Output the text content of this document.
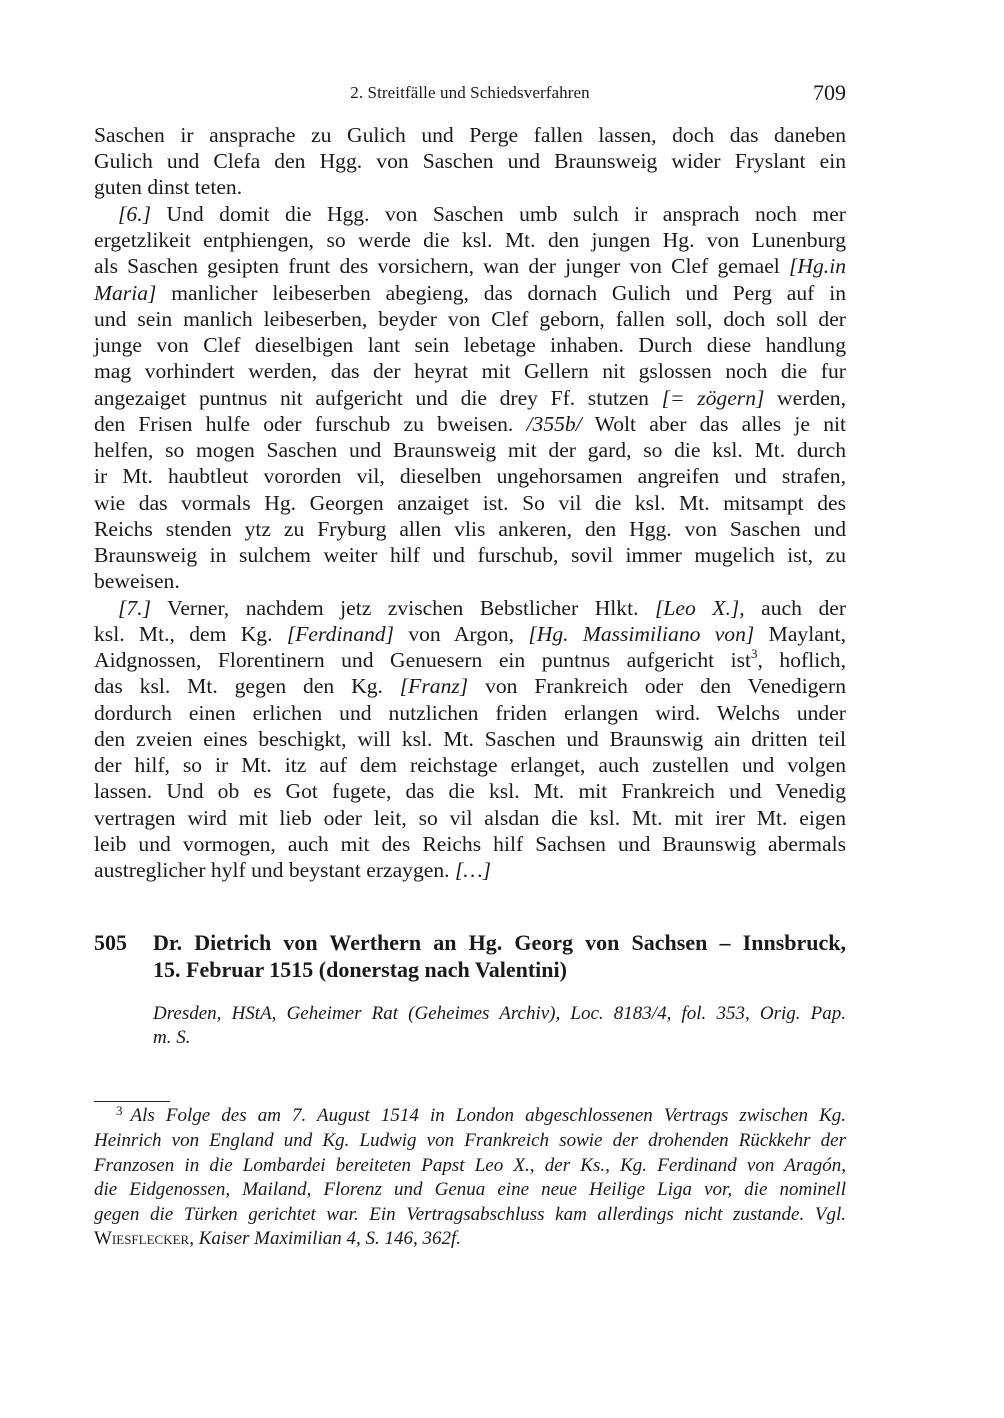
2. Streitfälle und Schiedsverfahren	709
Saschen ir ansprache zu Gulich und Perge fallen lassen, doch das daneben
Gulich und Clefa den Hgg. von Saschen und Braunsweig wider Fryslant ein
guten dinst teten.
[6.] Und domit die Hgg. von Saschen umb sulch ir ansprach noch mer
ergetzlikeit entphiengen, so werde die ksl. Mt. den jungen Hg. von Lunenburg
als Saschen gesipten frunt des vorsichern, wan der junger von Clef gemael [Hg.in
Maria] manlicher leibeserben abegieng, das dornach Gulich und Perg auf in
und sein manlich leibeserben, beyder von Clef geborn, fallen soll, doch soll der
junge von Clef dieselbigen lant sein lebetage inhaben. Durch diese handlung
mag vorhindert werden, das der heyrat mit Gellern nit gslossen noch die fur
angezaiget puntnus nit aufgericht und die drey Ff. stutzen [= zögern] werden,
den Frisen hulfe oder furschub zu bweisen. /355b/ Wolt aber das alles je nit
helfen, so mogen Saschen und Braunsweig mit der gard, so die ksl. Mt. durch
ir Mt. haubtleut vororden vil, dieselben ungehorsamen angreifen und strafen,
wie das vormals Hg. Georgen anzaiget ist. So vil die ksl. Mt. mitsampt des
Reichs stenden ytz zu Fryburg allen vlis ankeren, den Hgg. von Saschen und
Braunsweig in sulchem weiter hilf und furschub, sovil immer mugelich ist, zu
beweisen.
[7.] Verner, nachdem jetz zvischen Bebstlicher Hlkt. [Leo X.], auch der
ksl. Mt., dem Kg. [Ferdinand] von Argon, [Hg. Massimiliano von] Maylant,
Aidgnossen, Florentinern und Genuesern ein puntnus aufgericht ist$^3$, hoflich,
das ksl. Mt. gegen den Kg. [Franz] von Frankreich oder den Venedigern
dordurch einen erlichen und nutzlichen friden erlangen wird. Welchs under
den zveien eines beschigkt, will ksl. Mt. Saschen und Braunswig ain dritten teil
der hilf, so ir Mt. itz auf dem reichstage erlanget, auch zustellen und volgen
lassen. Und ob es Got fugete, das die ksl. Mt. mit Frankreich und Venedig
vertragen wird mit lieb oder leit, so vil alsdan die ksl. Mt. mit irer Mt. eigen
leib und vormogen, auch mit des Reichs hilf Sachsen und Braunswig abermals
austreglicher hylf und beystant erzaygen. […]
505 Dr. Dietrich von Werthern an Hg. Georg von Sachsen – Innsbruck,
15. Februar 1515 (donerstag nach Valentini)
Dresden, HStA, Geheimer Rat (Geheimes Archiv), Loc. 8183/4, fol. 353, Orig. Pap.
m. S.
$^3$ Als Folge des am 7. August 1514 in London abgeschlossenen Vertrags zwischen Kg.
Heinrich von England und Kg. Ludwig von Frankreich sowie der drohenden Rückkehr der
Franzosen in die Lombardei bereiteten Papst Leo X., der Ks., Kg. Ferdinand von Aragón,
die Eidgenossen, Mailand, Florenz und Genua eine neue Heilige Liga vor, die nominell
gegen die Türken gerichtet war. Ein Vertragsabschluss kam allerdings nicht zustande. Vgl.
Wiesflecker, Kaiser Maximilian 4, S. 146, 362f.
